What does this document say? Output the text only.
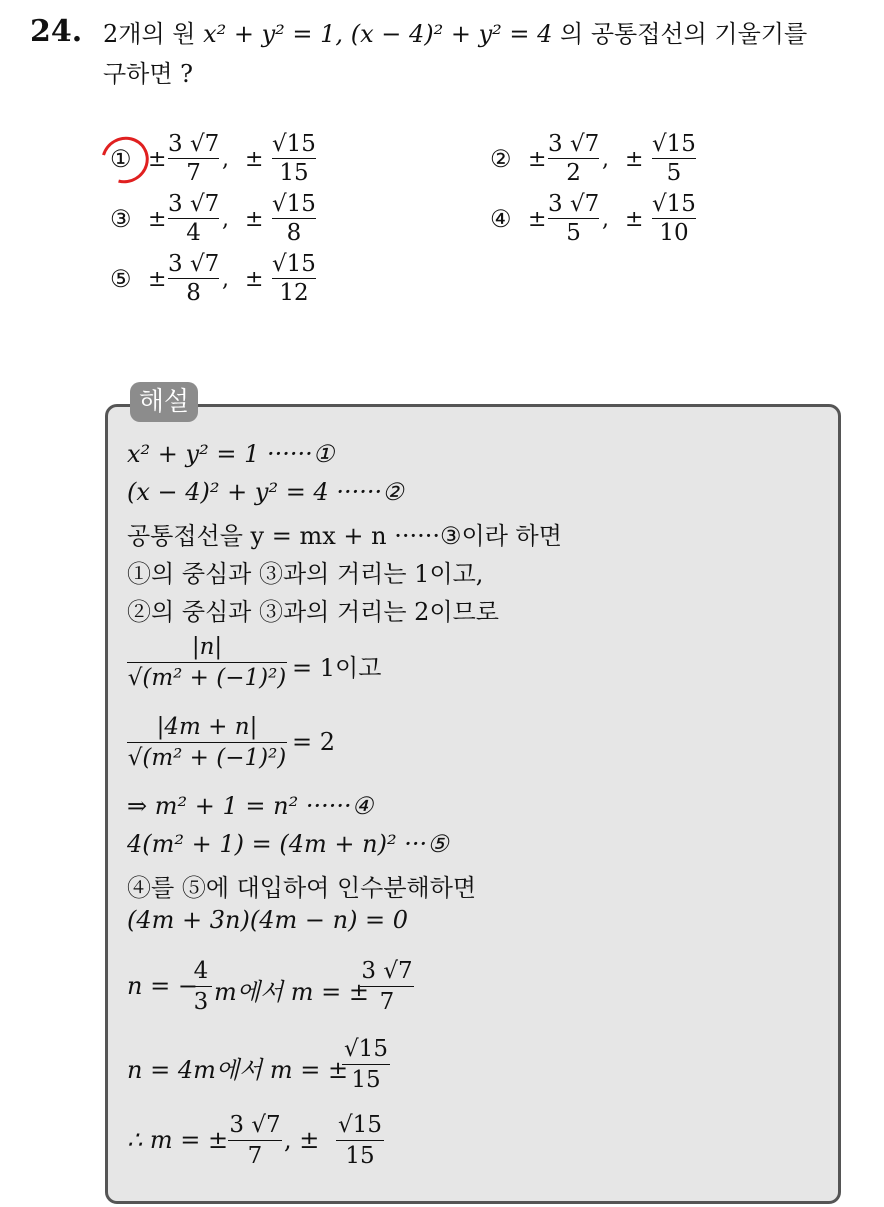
24. 2개의 원 x² + y² = 1, (x − 4)² + y² = 4 의 공통접선의 기울기를
구하면 ?
① ± $\frac{3 √7}{7}$ , ± $\frac{√15}{15}$	② ± $\frac{3 √7}{2}$ , ± $\frac{√15}{5}$
③ ± $\frac{3 √7}{4}$ , ± $\frac{√15}{8}$	④ ± $\frac{3 √7}{5}$ , ± $\frac{√15}{10}$
⑤ ± $\frac{3 √7}{8}$ , ± $\frac{√15}{12}$
해설
x² + y² = 1 ······①
(x − 4)² + y² = 4 ······②
공통접선을 y = mx + n ······③이라 하면
①의 중심과 ③과의 거리는 1이고,
②의 중심과 ③과의 거리는 2이므로
$\frac{|n|}{\text{√(m² + (−1)²)}} = 1$이고
$\frac{|4m + n|}{\text{√(m² + (−1)²)}} = 2$
⇒ m² + 1 = n² ······④
4(m² + 1) = (4m + n)² ···⑤
④를 ⑤에 대입하여 인수분해하면
(4m + 3n)(4m − n) = 0
n = −
$\frac{4}{3}$ m에서 m = ±
$\frac{3 √7}{7}$
n = 4m에서 m = ±
$\frac{√15}{15}$
∴ m = ± $\frac{3 √7}{7}$ , ± $\frac{√15}{15}$
